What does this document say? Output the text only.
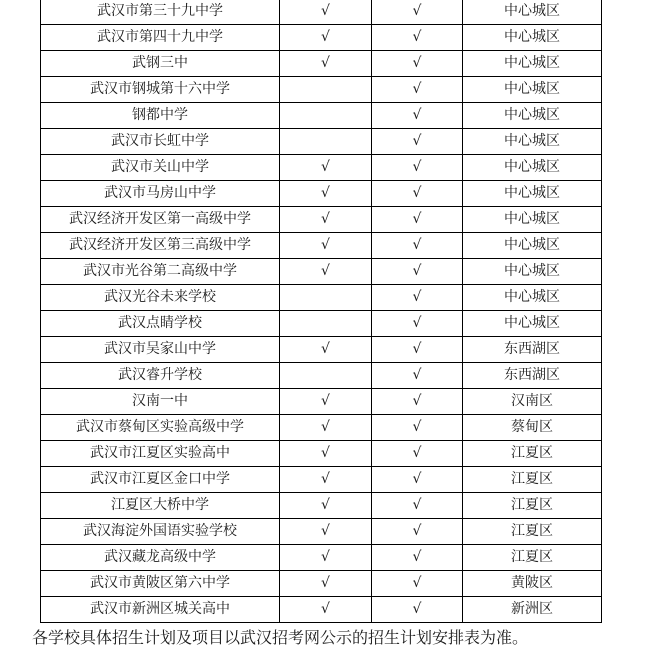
武汉市第三十九中学	√	√	中心城区
武汉市第四十九中学	√	√	中心城区
武钢三中	√	√	中心城区
武汉市钢城第十六中学		√	中心城区
钢都中学		√	中心城区
武汉市长虹中学		√	中心城区
武汉市关山中学	√	√	中心城区
武汉市马房山中学	√	√	中心城区
武汉经济开发区第一高级中学	√	√	中心城区
武汉经济开发区第三高级中学	√	√	中心城区
武汉市光谷第二高级中学	√	√	中心城区
武汉光谷未来学校		√	中心城区
武汉点睛学校		√	中心城区
武汉市吴家山中学	√	√	东西湖区
武汉睿升学校		√	东西湖区
汉南一中	√	√	汉南区
武汉市蔡甸区实验高级中学	√	√	蔡甸区
武汉市江夏区实验高中	√	√	江夏区
武汉市江夏区金口中学	√	√	江夏区
江夏区大桥中学	√	√	江夏区
武汉海淀外国语实验学校	√	√	江夏区
武汉藏龙高级中学	√	√	江夏区
武汉市黄陂区第六中学	√	√	黄陂区
武汉市新洲区城关高中	√	√	新洲区
各学校具体招生计划及项目以武汉招考网公示的招生计划安排表为准。
